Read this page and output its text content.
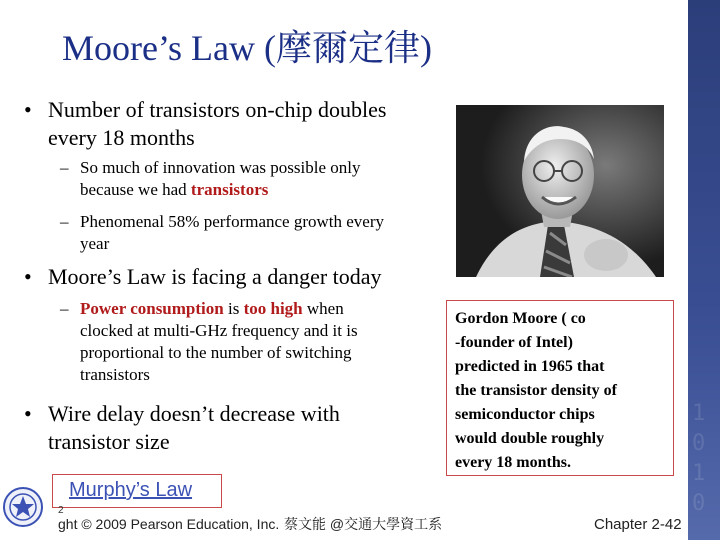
Moore’s Law (摩爾定律)
• Number of transistors on-chip doubles
every 18 months
– So much of innovation was possible only
because we had transistors
– Phenomenal 58% performance growth every
year
• Moore’s Law is facing a danger today
– Power consumption is too high when
clocked at multi-GHz frequency and it is
proportional to the number of switching
transistors
• Wire delay doesn’t decrease with
transistor size
Gordon Moore ( co
-founder of Intel)
predicted in 1965 that
the transistor density of
semiconductor chips
would double roughly
every 18 months.
Murphy’s Law
2
ght © 2009 Pearson Education, Inc. 蔡文能 @交通大學資工系	Chapter 2-42
1
0
1
0
